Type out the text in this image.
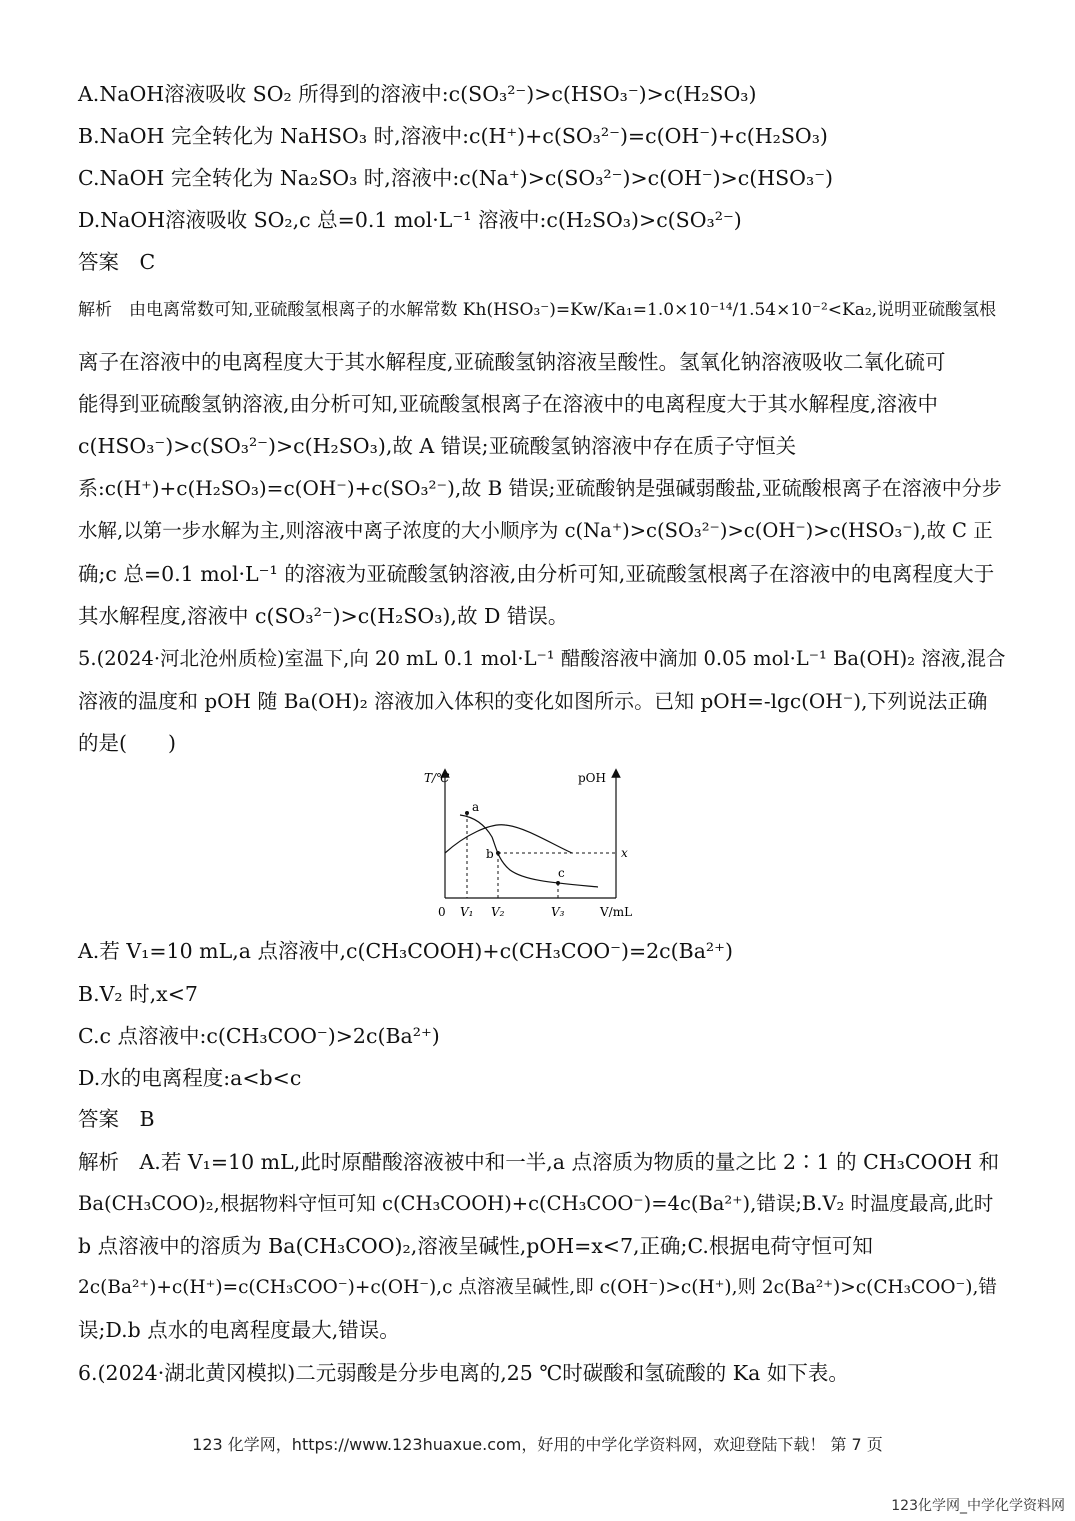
A.NaOH溶液吸收 SO₂ 所得到的溶液中:c(SO₃²⁻)>c(HSO₃⁻)>c(H₂SO₃)
B.NaOH 完全转化为 NaHSO₃ 时,溶液中:c(H⁺)+c(SO₃²⁻)=c(OH⁻)+c(H₂SO₃)
C.NaOH 完全转化为 Na₂SO₃ 时,溶液中:c(Na⁺)>c(SO₃²⁻)>c(OH⁻)>c(HSO₃⁻)
D.NaOH溶液吸收 SO₂,c 总=0.1 mol·L⁻¹ 溶液中:c(H₂SO₃)>c(SO₃²⁻)
答案　C
解析　由电离常数可知,亚硫酸氢根离子的水解常数 Kh(HSO₃⁻)=Kw/Ka₁=1.0×10⁻¹⁴/1.54×10⁻²<Ka₂,说明亚硫酸氢根
离子在溶液中的电离程度大于其水解程度,亚硫酸氢钠溶液呈酸性。氢氧化钠溶液吸收二氧化硫可
能得到亚硫酸氢钠溶液,由分析可知,亚硫酸氢根离子在溶液中的电离程度大于其水解程度,溶液中
c(HSO₃⁻)>c(SO₃²⁻)>c(H₂SO₃),故 A 错误;亚硫酸氢钠溶液中存在质子守恒关
系:c(H⁺)+c(H₂SO₃)=c(OH⁻)+c(SO₃²⁻),故 B 错误;亚硫酸钠是强碱弱酸盐,亚硫酸根离子在溶液中分步
水解,以第一步水解为主,则溶液中离子浓度的大小顺序为 c(Na⁺)>c(SO₃²⁻)>c(OH⁻)>c(HSO₃⁻),故 C 正
确;c 总=0.1 mol·L⁻¹ 的溶液为亚硫酸氢钠溶液,由分析可知,亚硫酸氢根离子在溶液中的电离程度大于
其水解程度,溶液中 c(SO₃²⁻)>c(H₂SO₃),故 D 错误。
5.(2024·河北沧州质检)室温下,向 20 mL 0.1 mol·L⁻¹ 醋酸溶液中滴加 0.05 mol·L⁻¹ Ba(OH)₂ 溶液,混合
溶液的温度和 pOH 随 Ba(OH)₂ 溶液加入体积的变化如图所示。已知 pOH=-lgc(OH⁻),下列说法正确
的是(　　)
T/℃	pOH
V/mL
0 V₁ V₂	V₃
a
b
c
x
A.若 V₁=10 mL,a 点溶液中,c(CH₃COOH)+c(CH₃COO⁻)=2c(Ba²⁺)
B.V₂ 时,x<7
C.c 点溶液中:c(CH₃COO⁻)>2c(Ba²⁺)
D.水的电离程度:a<b<c
答案　B
解析　A.若 V₁=10 mL,此时原醋酸溶液被中和一半,a 点溶质为物质的量之比 2∶1 的 CH₃COOH 和
Ba(CH₃COO)₂,根据物料守恒可知 c(CH₃COOH)+c(CH₃COO⁻)=4c(Ba²⁺),错误;B.V₂ 时温度最高,此时
b 点溶液中的溶质为 Ba(CH₃COO)₂,溶液呈碱性,pOH=x<7,正确;C.根据电荷守恒可知
2c(Ba²⁺)+c(H⁺)=c(CH₃COO⁻)+c(OH⁻),c 点溶液呈碱性,即 c(OH⁻)>c(H⁺),则 2c(Ba²⁺)>c(CH₃COO⁻),错
误;D.b 点水的电离程度最大,错误。
6.(2024·湖北黄冈模拟)二元弱酸是分步电离的,25 ℃时碳酸和氢硫酸的 Ka 如下表。
123 化学网，https://www.123huaxue.com，好用的中学化学资料网，欢迎登陆下载！ 第 7 页
123化学网_中学化学资料网
